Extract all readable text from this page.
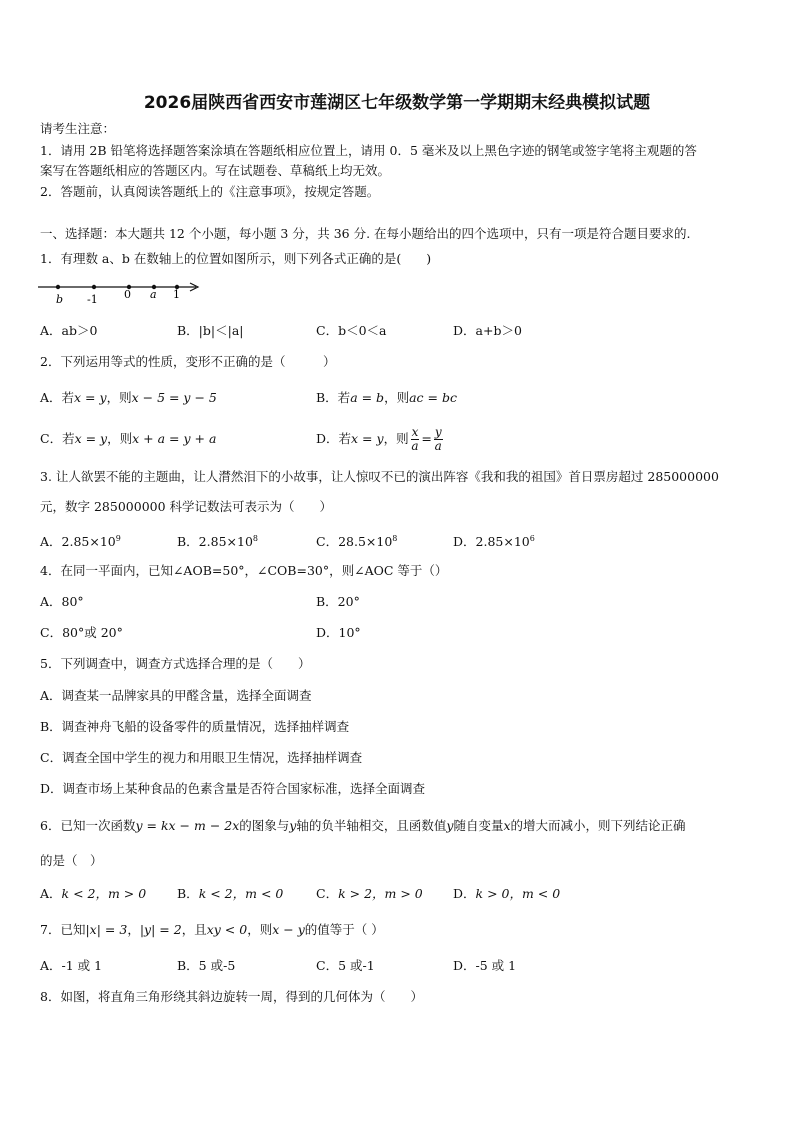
2026届陕西省西安市莲湖区七年级数学第一学期期末经典模拟试题
请考生注意：
1．请用 2B 铅笔将选择题答案涂填在答题纸相应位置上，请用 0．5 毫米及以上黑色字迹的钢笔或签字笔将主观题的答
案写在答题纸相应的答题区内。写在试题卷、草稿纸上均无效。
2．答题前，认真阅读答题纸上的《注意事项》，按规定答题。
一、选择题：本大题共 12 个小题，每小题 3 分，共 36 分. 在每小题给出的四个选项中，只有一项是符合题目要求的.
1．有理数 a、b 在数轴上的位置如图所示，则下列各式正确的是(　　)
b -1 0 a 1
A．ab＞0	B．|b|＜|a|	C．b＜0＜a	D．a+b＞0
2．下列运用等式的性质，变形不正确的是（　　　）
A．若x = y，则x − 5 = y − 5	B．若a = b，则ac = bc
C．若x = y，则x + a = y + a	D．若x = y，则 $\frac{x}{a} = \frac{y}{a}$
3. 让人欲罢不能的主题曲，让人潸然泪下的小故事，让人惊叹不已的演出阵容《我和我的祖国》首日票房超过 285000000
元，数字 285000000 科学记数法可表示为（　　）
A．$2.85\times 10^9$	B．$2.85\times 10^8$	C．$28.5\times 10^8$	D．$2.85\times 10^6$
4．在同一平面内，已知∠AOB=50°，∠COB=30°，则∠AOC 等于（）
A．80°	B．20°
C．80°或 20°	D．10°
5．下列调查中，调查方式选择合理的是（　　）
A．调查某一品牌家具的甲醛含量，选择全面调查
B．调查神舟飞船的设备零件的质量情况，选择抽样调查
C．调查全国中学生的视力和用眼卫生情况，选择抽样调查
D．调查市场上某种食品的色素含量是否符合国家标准，选择全面调查
6．已知一次函数y = kx − m − 2x的图象与y轴的负半轴相交，且函数值y随自变量x的增大而减小，则下列结论正确
的是（　）
A．k < 2，m > 0 B．k < 2，m < 0	C．k > 2，m > 0 D．k > 0，m < 0
7．已知|x| = 3，|y| = 2，且xy < 0，则x − y的值等于（ ）
A．-1 或 1	B．5 或-5	C．5 或-1	D．-5 或 1
8．如图，将直角三角形绕其斜边旋转一周，得到的几何体为（　　）
